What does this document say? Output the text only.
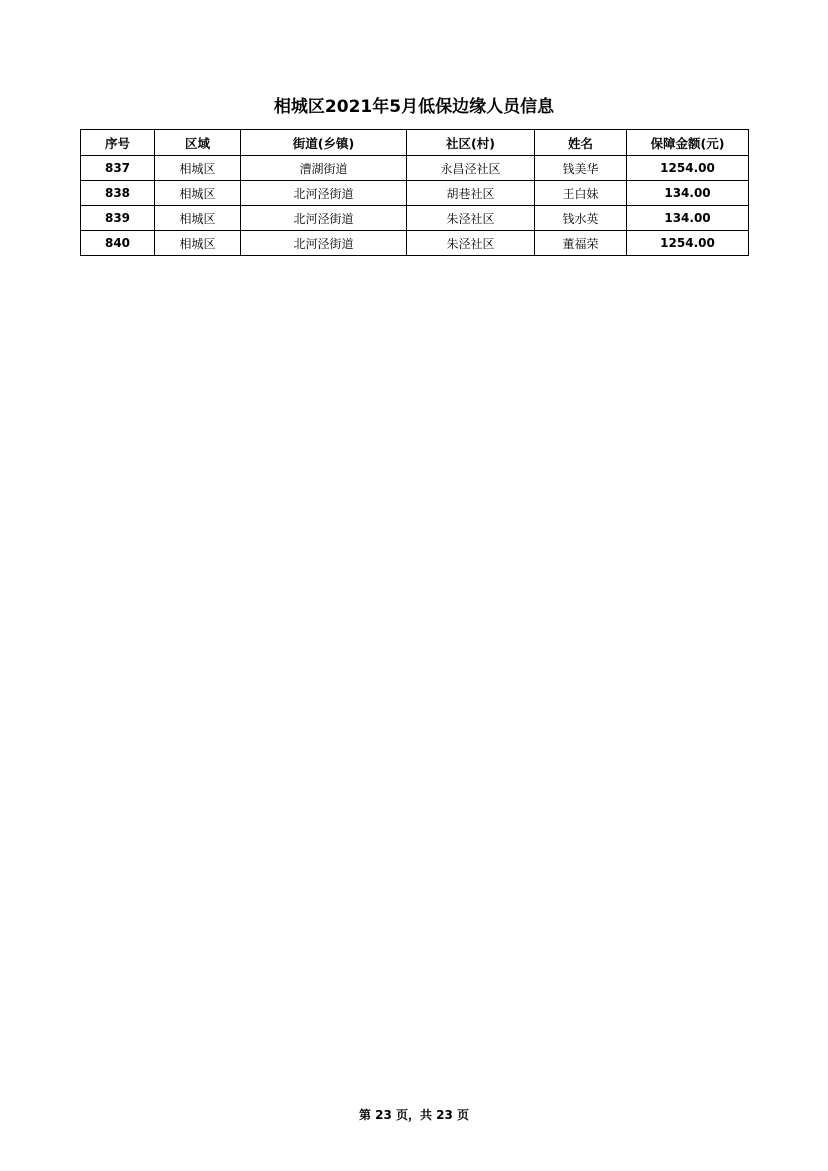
相城区2021年5月低保边缘人员信息
序号	区域	街道(乡镇)	社区(村)	姓名	保障金额(元)
837	相城区	漕湖街道	永昌泾社区	钱美华	1254.00
838	相城区	北河泾街道	胡巷社区	王白妹	134.00
839	相城区	北河泾街道	朱泾社区	钱水英	134.00
840	相城区	北河泾街道	朱泾社区	董福荣	1254.00
第 23 页，共 23 页
